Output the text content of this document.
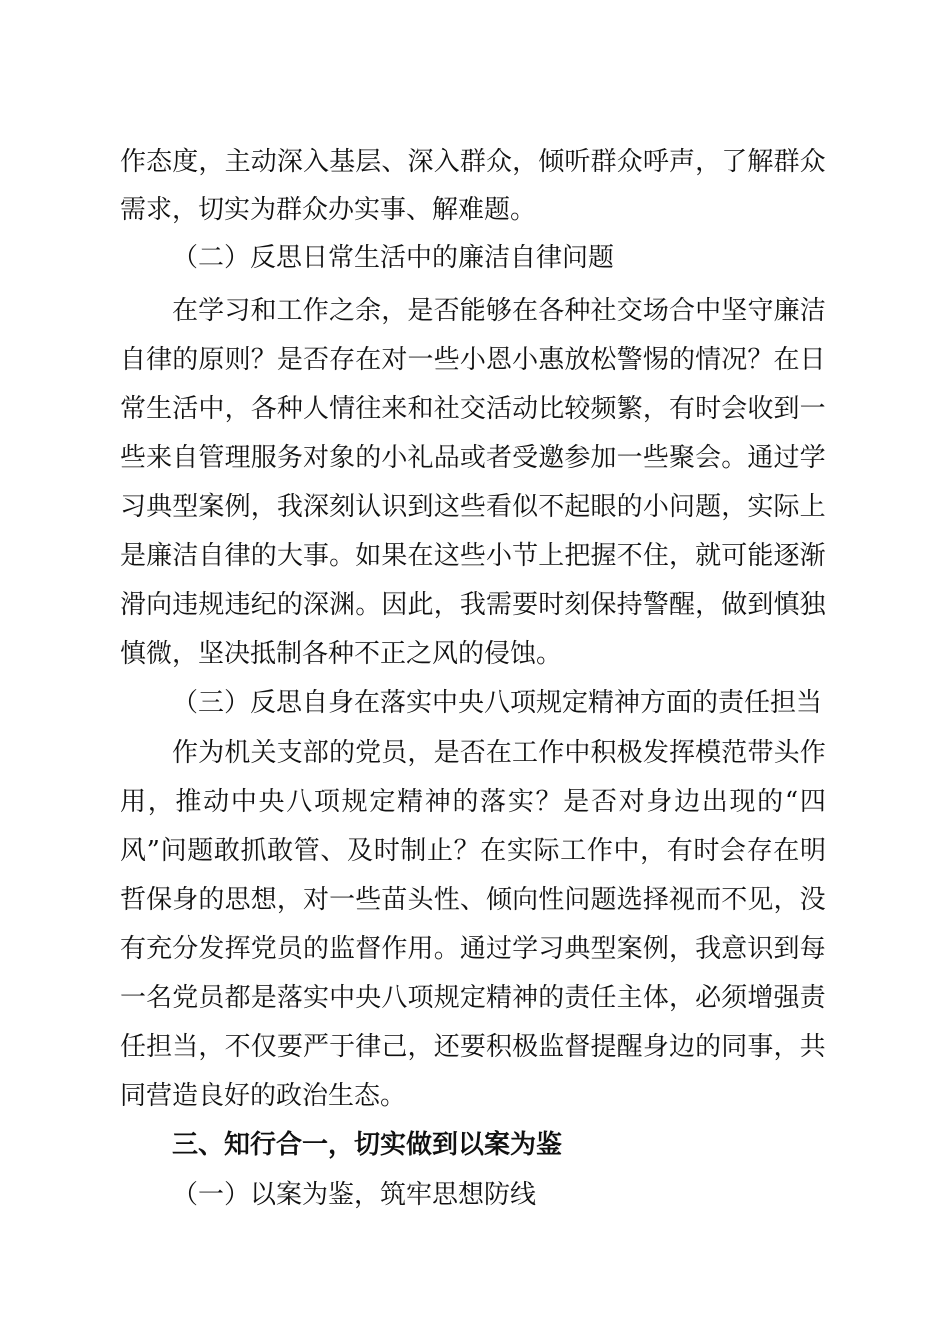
作 态 度 ， 主 动 深 入 基 层 、 深 入 群 众 ， 倾 听 群 众 呼 声 ， 了 解 群 众
需求，切实为群众办实事、解难题。
（二）反思日常生活中的廉洁自律问题
在 学 习 和 工 作 之 余 ， 是 否 能 够 在 各 种 社 交 场 合 中 坚 守 廉 洁
自 律 的 原 则 ？ 是 否 存 在 对 一 些 小 恩 小 惠 放 松 警 惕 的 情 况 ？ 在 日
常 生 活 中 ， 各 种 人 情 往 来 和 社 交 活 动 比 较 频 繁 ， 有 时 会 收 到 一
些 来 自 管 理 服 务 对 象 的 小 礼 品 或 者 受 邀 参 加 一 些 聚 会 。 通 过 学
习 典 型 案 例 ， 我 深 刻 认 识 到 这 些 看 似 不 起 眼 的 小 问 题 ， 实 际 上
是 廉 洁 自 律 的 大 事 。 如 果 在 这 些 小 节 上 把 握 不 住 ， 就 可 能 逐 渐
滑 向 违 规 违 纪 的 深 渊 。 因 此 ， 我 需 要 时 刻 保 持 警 醒 ， 做 到 慎 独
慎微，坚决抵制各种不正之风的侵蚀。
（三）反思自身在落实中央八项规定精神方面的责任担当
作 为 机 关 支 部 的 党 员 ， 是 否 在 工 作 中 积 极 发 挥 模 范 带 头 作
用 ， 推 动 中 央 八 项 规 定 精 神 的 落 实 ？ 是 否 对 身 边 出 现 的 “ 四
风 ” 问 题 敢 抓 敢 管 、 及 时 制 止 ？ 在 实 际 工 作 中 ， 有 时 会 存 在 明
哲 保 身 的 思 想 ， 对 一 些 苗 头 性 、 倾 向 性 问 题 选 择 视 而 不 见 ， 没
有 充 分 发 挥 党 员 的 监 督 作 用 。 通 过 学 习 典 型 案 例 ， 我 意 识 到 每
一 名 党 员 都 是 落 实 中 央 八 项 规 定 精 神 的 责 任 主 体 ， 必 须 增 强 责
任 担 当 ， 不 仅 要 严 于 律 己 ， 还 要 积 极 监 督 提 醒 身 边 的 同 事 ， 共
同营造良好的政治生态。
三、知行合一，切实做到以案为鉴
（一）以案为鉴，筑牢思想防线
